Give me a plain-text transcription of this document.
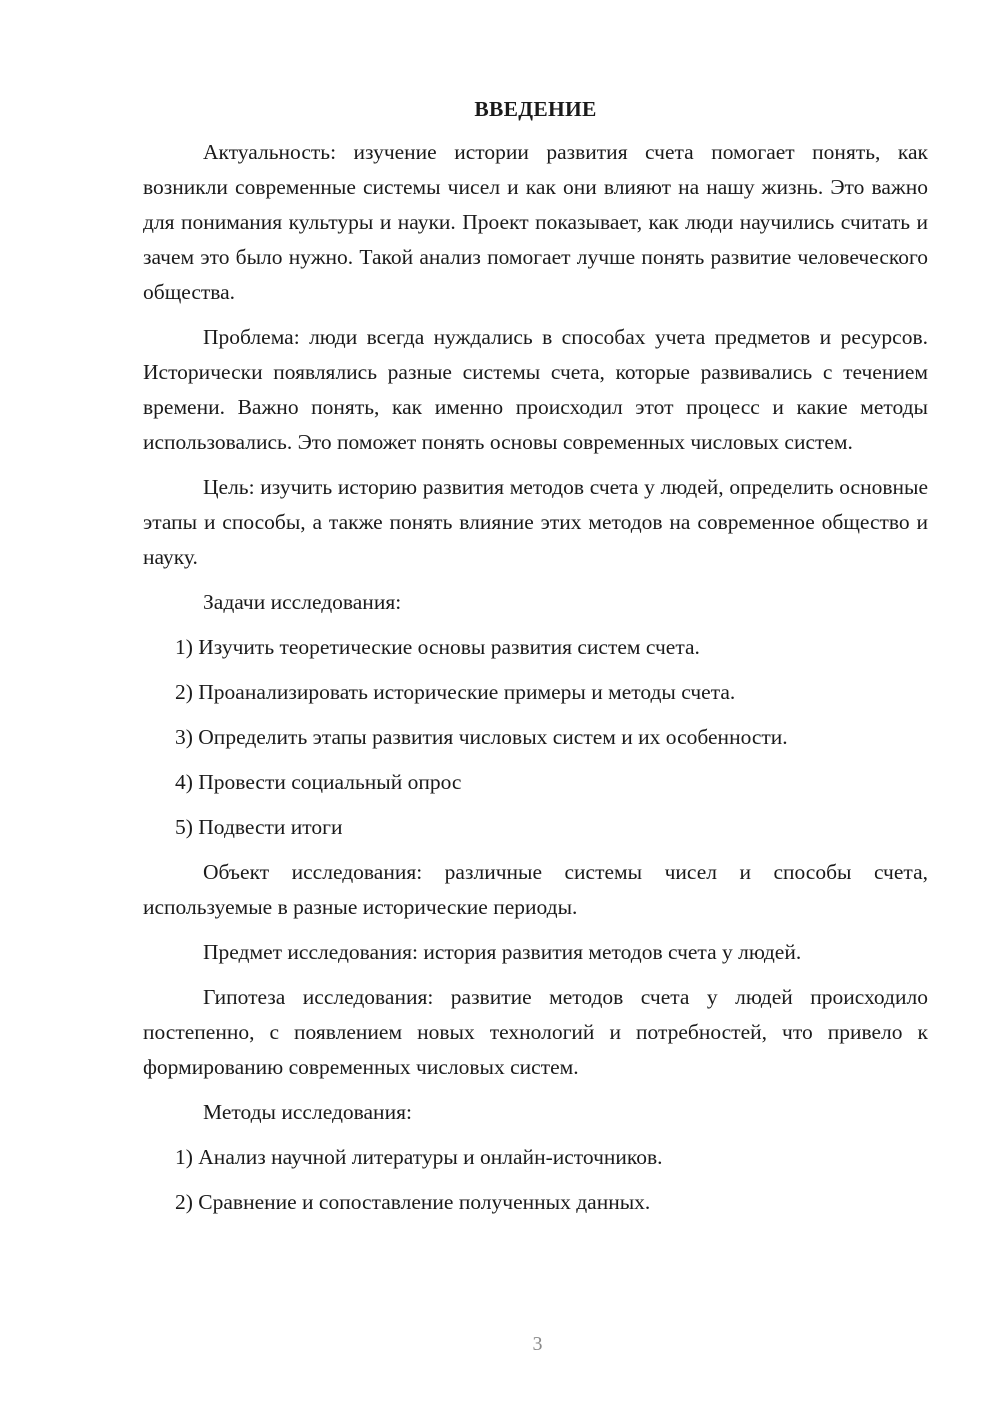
ВВЕДЕНИЕ

Актуальность: изучение истории развития счета помогает понять, как возникли современные системы чисел и как они влияют на нашу жизнь. Это важно для понимания культуры и науки. Проект показывает, как люди научились считать и зачем это было нужно. Такой анализ помогает лучше понять развитие человеческого общества.

Проблема: люди всегда нуждались в способах учета предметов и ресурсов. Исторически появлялись разные системы счета, которые развивались с течением времени. Важно понять, как именно происходил этот процесс и какие методы использовались. Это поможет понять основы современных числовых систем.

Цель: изучить историю развития методов счета у людей, определить основные этапы и способы, а также понять влияние этих методов на современное общество и науку.

Задачи исследования:

1) Изучить теоретические основы развития систем счета.

2) Проанализировать исторические примеры и методы счета.

3) Определить этапы развития числовых систем и их особенности.

4) Провести социальный опрос

5) Подвести итоги

Объект исследования: различные системы чисел и способы счета, используемые в разные исторические периоды.

Предмет исследования: история развития методов счета у людей.

Гипотеза исследования: развитие методов счета у людей происходило постепенно, с появлением новых технологий и потребностей, что привело к формированию современных числовых систем.

Методы исследования:

1) Анализ научной литературы и онлайн-источников.

2) Сравнение и сопоставление полученных данных.

3
